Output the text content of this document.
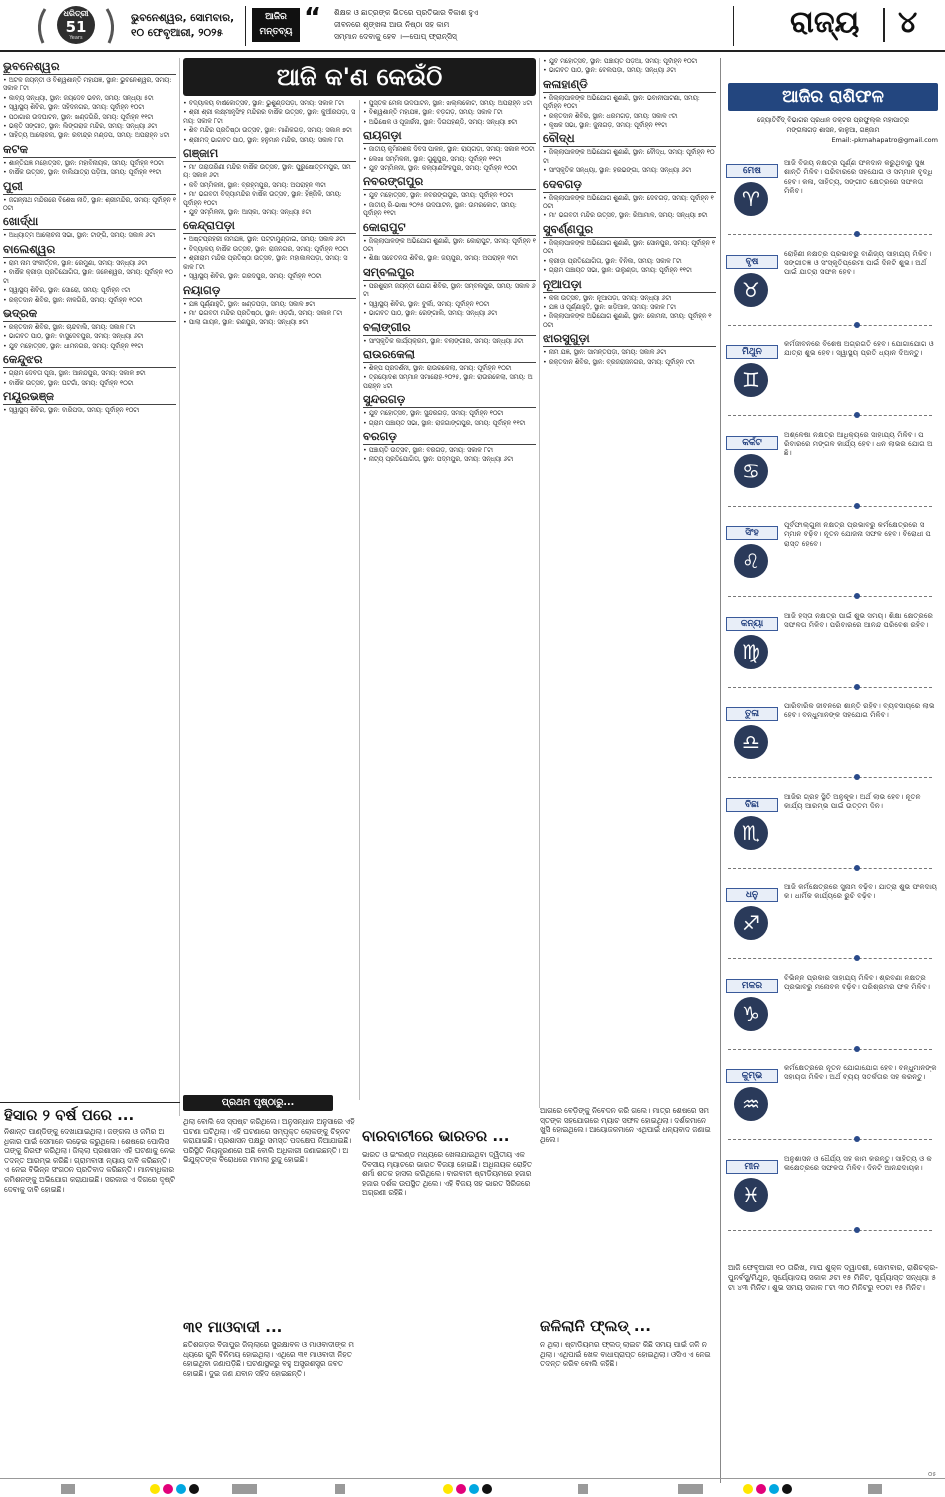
ଧରିତ୍ରୀ
51
Years
ଭୁବନେଶ୍ୱର, ସୋମବାର,
୧୦ ଫେବୃଆରୀ, ୨୦୨୫
ଆଜିର
ମନ୍ତବ୍ୟ “ ଶିକ୍ଷକ ଓ ଛାତ୍ରଙ୍କ ଭିତରେ ପ୍ରତିଭାର ବିକାଶ ହୁଏ
ଜୀବନରେ ଶୃଙ୍ଖଳା ଆଉ ନିଷ୍ଠା ସହ କାମ
ସମ୍ମାନ ଦେବାକୁ ହେବ ।—ପୋପ୍ ଫ୍ରାନ୍ସିସ୍	ରାଜ୍ୟ ୪
ଆଜି କ'ଣ କେଉଁଠି
ଭୁବନେଶ୍ୱର
• ଅଟଳ ଜୟନ୍ତୀ ଓ ବିଶ୍ୱଶାନ୍ତି ମହାଯଜ୍ଞ, ସ୍ଥାନ: ଭୁବନେଶ୍ୱର, ସମୟ: ସକାଳ ୮ଟା
• କାବ୍ୟ ସନ୍ଧ୍ୟା, ସ୍ଥାନ: ଜୟଦେବ ଭବନ, ସମୟ: ସନ୍ଧ୍ୟା ୫ଟା
• ସ୍ୱାସ୍ଥ୍ୟ ଶିବିର, ସ୍ଥାନ: ସହିଦନଗର, ସମୟ: ପୂର୍ବାହ୍ନ ୧୦ଟା
• ପଠାଗାର ଉଦଘାଟନ, ସ୍ଥାନ: ଖଣ୍ଡଗିରି, ସମୟ: ପୂର୍ବାହ୍ନ ୧୧ଟା
• ଭକ୍ତି ସଙ୍ଗୀତ, ସ୍ଥାନ: ଲିଙ୍ଗରାଜ ମନ୍ଦିର, ସମୟ: ସନ୍ଧ୍ୟା ୬ଟା
• ସାହିତ୍ୟ ଆଲୋଚନା, ସ୍ଥାନ: ରବୀନ୍ଦ୍ର ମଣ୍ଡପ, ସମୟ: ଅପରାହ୍ନ ୪ଟା
କଟକ
• ଶାନ୍ତିଯଜ୍ଞ ମହୋତ୍ସବ, ସ୍ଥାନ: ମହାବିନାୟକ, ସମୟ: ପୂର୍ବାହ୍ନ ୧୦ଟା
• ବାର୍ଷିକ ଉତ୍ସବ, ସ୍ଥାନ: ବାଲିଯାତ୍ରା ପଡ଼ିଆ, ସମୟ: ପୂର୍ବାହ୍ନ ୧୧ଟା
ପୁରୀ
• ଜଗନ୍ନାଥ ମନ୍ଦିରରେ ବିଶେଷ ନୀତି, ସ୍ଥାନ: ଶ୍ରୀମନ୍ଦିର, ସମୟ: ପୂର୍ବାହ୍ନ ୧୦ଟା
ଖୋର୍ଦ୍ଧା
• ଅଧ୍ୟାତ୍ମ ଆଲୋଚନା ସଭା, ସ୍ଥାନ: ଟାଙ୍ଗି, ସମୟ: ସକାଳ ୬ଟା
ବାଲେଶ୍ୱର
• ରାମ ନାମ ସଂକୀର୍ତ୍ତନ, ସ୍ଥାନ: ରେମୁଣା, ସମୟ: ସନ୍ଧ୍ୟା ୬ଟା
• ବାର୍ଷିକ କ୍ରୀଡ଼ା ପ୍ରତିଯୋଗିତା, ସ୍ଥାନ: ଜଳେଶ୍ୱର, ସମୟ: ପୂର୍ବାହ୍ନ ୧୦ଟା
• ସ୍ୱାସ୍ଥ୍ୟ ଶିବିର, ସ୍ଥାନ: ସୋରୋ, ସମୟ: ପୂର୍ବାହ୍ନ ୯ଟା
• ରକ୍ତଦାନ ଶିବିର, ସ୍ଥାନ: ନୀଳଗିରି, ସମୟ: ପୂର୍ବାହ୍ନ ୧୦ଟା
ଭଦ୍ରକ
• ରକ୍ତଦାନ ଶିବିର, ସ୍ଥାନ: ଚାନ୍ଦବାଲି, ସମୟ: ସକାଳ ୮ଟା
• ଭାଗବତ ପାଠ, ସ୍ଥାନ: ବାସୁଦେବପୁର, ସମୟ: ସନ୍ଧ୍ୟା ୬ଟା
• ଯୁବ ମହୋତ୍ସବ, ସ୍ଥାନ: ଧାମନଗର, ସମୟ: ପୂର୍ବାହ୍ନ ୧୧ଟା
କେନ୍ଦୁଝର
• ଗ୍ରାମ ଦେବତା ପୂଜା, ସ୍ଥାନ: ଆନନ୍ଦପୁର, ସମୟ: ସକାଳ ୭ଟା
• ବାର୍ଷିକ ଉତ୍ସବ, ସ୍ଥାନ: ଘଟଗାଁ, ସମୟ: ପୂର୍ବାହ୍ନ ୧୦ଟା
ମୟୂରଭଞ୍ଜ
• ସ୍ୱାସ୍ଥ୍ୟ ଶିବିର, ସ୍ଥାନ: ବାରିପଦା, ସମୟ: ପୂର୍ବାହ୍ନ ୧୦ଟା
• ବିଦ୍ୟାଳୟ ବାର୍ଷିକୋତ୍ସବ, ସ୍ଥାନ: ଭୁଶୁଣ୍ଡିପଡ଼ା, ସମୟ: ସକାଳ ୮ଟା
• ଶ୍ରୀ ଶ୍ରୀ ଲକ୍ଷ୍ମୀନୃସିଂହ ମନ୍ଦିରର ବାର୍ଷିକ ଉତ୍ସବ, ସ୍ଥାନ: କୁଆଁରପଡ଼ା, ସମୟ: ସକାଳ ୮ଟା
• ଶିବ ମନ୍ଦିର ପ୍ରତିଷ୍ଠା ଉତ୍ସବ, ସ୍ଥାନ: ମାଣିକଗଡ଼, ସମୟ: ସକାଳ ୭ଟା
• ଶ୍ରୀମଦ୍ ଭାଗବତ ପାଠ, ସ୍ଥାନ: ହନୁମାନ ମନ୍ଦିର, ସମୟ: ସକାଳ ୮ଟା
ଗଞ୍ଜାମ
• ମା' ତାରାତାରିଣୀ ମନ୍ଦିର ବାର୍ଷିକ ଉତ୍ସବ, ସ୍ଥାନ: ପୁରୁଷୋତ୍ତମପୁର, ସମୟ: ସକାଳ ୬ଟା
• କବି ସମ୍ମିଳନୀ, ସ୍ଥାନ: ବ୍ରହ୍ମପୁର, ସମୟ: ଅପରାହ୍ନ ୩ଟା
• ମା' ଭଗବତୀ ବିଦ୍ୟାମନ୍ଦିର ବାର୍ଷିକ ଉତ୍ସବ, ସ୍ଥାନ: ହିଞ୍ଜିଳି, ସମୟ: ପୂର୍ବାହ୍ନ ୧୦ଟା
• ଯୁବ ସମ୍ମିଳନୀ, ସ୍ଥାନ: ଆସ୍କା, ସମୟ: ସନ୍ଧ୍ୟା ୫ଟା
କେନ୍ଦ୍ରାପଡ଼ା
• ଅଷ୍ଟପ୍ରହରୀ ନାମଯଜ୍ଞ, ସ୍ଥାନ: ପଟ୍ଟାମୁଣ୍ଡାଇ, ସମୟ: ସକାଳ ୬ଟା
• ବିଦ୍ୟାଳୟ ବାର୍ଷିକ ଉତ୍ସବ, ସ୍ଥାନ: ରାଜନଗର, ସମୟ: ପୂର୍ବାହ୍ନ ୧୦ଟା
• ଶ୍ରୀରାମ ମନ୍ଦିର ପ୍ରତିଷ୍ଠା ଉତ୍ସବ, ସ୍ଥାନ: ମହାକାଳପଡ଼ା, ସମୟ: ସକାଳ ୮ଟା
• ସ୍ୱାସ୍ଥ୍ୟ ଶିବିର, ସ୍ଥାନ: ଗରଦପୁର, ସମୟ: ପୂର୍ବାହ୍ନ ୧୦ଟା
ନୟାଗଡ଼
• ଯଜ୍ଞ ପୂର୍ଣ୍ଣାହୁତି, ସ୍ଥାନ: ଖଣ୍ଡପଡ଼ା, ସମୟ: ସକାଳ ୭ଟା
• ମା' ଭଗବତୀ ମନ୍ଦିର ପ୍ରତିଷ୍ଠା, ସ୍ଥାନ: ଓଡ଼ଗାଁ, ସମୟ: ସକାଳ ୮ଟା
• ପାଲା ଗାୟନ, ସ୍ଥାନ: ରଣପୁର, ସମୟ: ସନ୍ଧ୍ୟା ୭ଟା
• ପୁସ୍ତକ ମେଳା ଉଦଘାଟନ, ସ୍ଥାନ: ଖଲ୍ଲିକୋଟ, ସମୟ: ଅପରାହ୍ନ ୪ଟା
• ବିଶ୍ୱଶାନ୍ତି ମହାଯଜ୍ଞ, ସ୍ଥାନ: ବଡ଼ଗଡ଼, ସମୟ: ସକାଳ ୮ଟା
• ଅଭିଷେକ ଓ ପୂଜାର୍ଚ୍ଚନା, ସ୍ଥାନ: ଦିଗପହଣ୍ଡି, ସମୟ: ସନ୍ଧ୍ୟା ୭ଟା
ରାୟଗଡ଼ା
• ଜାତୀୟ କୃମିନାଶକ ଦିବସ ପାଳନ, ସ୍ଥାନ: ରାୟଗଡ଼ା, ସମୟ: ସକାଳ ୧୦ଟା
• ଲେଖା ସମ୍ମିଳନୀ, ସ୍ଥାନ: ଗୁଣୁପୁର, ସମୟ: ପୂର୍ବାହ୍ନ ୧୧ଟା
• ଯୁବ ସମ୍ମିଳନୀ, ସ୍ଥାନ: କଳ୍ୟାଣସିଂହପୁର, ସମୟ: ପୂର୍ବାହ୍ନ ୧୦ଟା
ନବରଙ୍ଗପୁର
• ଯୁବ ମହୋତ୍ସବ, ସ୍ଥାନ: ନବରଙ୍ଗପୁର, ସମୟ: ପୂର୍ବାହ୍ନ ୧୦ଟା
• ଜାତୀୟ ରି-ଭାଷା ୨୦୨୫ ଉଦଘାଟନ, ସ୍ଥାନ: ଉମରକୋଟ, ସମୟ: ପୂର୍ବାହ୍ନ ୧୧ଟା
କୋରାପୁଟ
• ଜିଲ୍ଲାପାଳଙ୍କ ଅଭିଯୋଗ ଶୁଣାଣି, ସ୍ଥାନ: କୋରାପୁଟ, ସମୟ: ପୂର୍ବାହ୍ନ ୧୦ଟା
• ଶିକ୍ଷା ସଚେତନତା ଶିବିର, ସ୍ଥାନ: ଜୟପୁର, ସମୟ: ଅପରାହ୍ନ ୩ଟା
ସମ୍ବଲପୁର
• ପରଶୁରାମ ଜୟନ୍ତୀ ଯୋଗ ଶିବିର, ସ୍ଥାନ: ସମ୍ବଲପୁର, ସମୟ: ସକାଳ ୬ଟା
• ସ୍ୱାସ୍ଥ୍ୟ ଶିବିର, ସ୍ଥାନ: ବୁର୍ଲା, ସମୟ: ପୂର୍ବାହ୍ନ ୧୦ଟା
• ଭାଗବତ ପାଠ, ସ୍ଥାନ: ରେଙ୍ଗାଲି, ସମୟ: ସନ୍ଧ୍ୟା ୬ଟା
ବଲାଙ୍ଗୀର
• ସାଂସ୍କୃତିକ କାର୍ଯ୍ୟକ୍ରମ, ସ୍ଥାନ: ବଲାଙ୍ଗୀର, ସମୟ: ସନ୍ଧ୍ୟା ୬ଟା
ରାଉରକେଲା
• ଶିଳ୍ପ ପ୍ରଦର୍ଶନୀ, ସ୍ଥାନ: ରାଉରକେଲା, ସମୟ: ପୂର୍ବାହ୍ନ ୧୦ଟା
• ତ୍ରୟୋଦଶ ସମ୍ମାନ ସମାରୋହ-୨୦୨୫, ସ୍ଥାନ: ରାଉରକେଲା, ସମୟ: ଅପରାହ୍ନ ୪ଟା
ସୁନ୍ଦରଗଡ଼
• ଯୁବ ମହୋତ୍ସବ, ସ୍ଥାନ: ସୁନ୍ଦରଗଡ଼, ସମୟ: ପୂର୍ବାହ୍ନ ୧୦ଟା
• ଗ୍ରାମ ପଞ୍ଚାୟତ ସଭା, ସ୍ଥାନ: ରାଜଗାଙ୍ଗପୁର, ସମୟ: ପୂର୍ବାହ୍ନ ୧୧ଟା
ବରଗଡ଼
• ପଞ୍ଚାୟତି ଉତ୍ସବ, ସ୍ଥାନ: ବରଗଡ଼, ସମୟ: ସକାଳ ୮ଟା
• ନାଟ୍ୟ ପ୍ରତିଯୋଗିତା, ସ୍ଥାନ: ପଦ୍ମପୁର, ସମୟ: ସନ୍ଧ୍ୟା ୬ଟା
• ଯୁବ ମହୋତ୍ସବ, ସ୍ଥାନ: ପଞ୍ଚାୟତ ପଡ଼ିଆ, ସମୟ: ପୂର୍ବାହ୍ନ ୧୦ଟା
• ଭାଗବତ ପାଠ, ସ୍ଥାନ: ବେଲପଡ଼ା, ସମୟ: ସନ୍ଧ୍ୟା ୬ଟା
କଳାହାଣ୍ଡି
• ଜିଲ୍ଲାପାଳଙ୍କ ଅଭିଯୋଗ ଶୁଣାଣି, ସ୍ଥାନ: ଭବାନୀପାଟଣା, ସମୟ: ପୂର୍ବାହ୍ନ ୧୦ଟା
• ରକ୍ତଦାନ ଶିବିର, ସ୍ଥାନ: ଧରମଗଡ଼, ସମୟ: ସକାଳ ୯ଟା
• କୃଷକ ସଭା, ସ୍ଥାନ: ଜୁନାଗଡ଼, ସମୟ: ପୂର୍ବାହ୍ନ ୧୧ଟା
ବୌଦ୍ଧ
• ଜିଲ୍ଲାପାଳଙ୍କ ଅଭିଯୋଗ ଶୁଣାଣି, ସ୍ଥାନ: ବୌଦ୍ଧ, ସମୟ: ପୂର୍ବାହ୍ନ ୧୦ଟା
• ସାଂସ୍କୃତିକ ସନ୍ଧ୍ୟା, ସ୍ଥାନ: ହରଭଙ୍ଗା, ସମୟ: ସନ୍ଧ୍ୟା ୬ଟା
ଦେବଗଡ଼
• ଜିଲ୍ଲାପାଳଙ୍କ ଅଭିଯୋଗ ଶୁଣାଣି, ସ୍ଥାନ: ଦେବଗଡ଼, ସମୟ: ପୂର୍ବାହ୍ନ ୧୦ଟା
• ମା' ଭଗବତୀ ମନ୍ଦିର ଉତ୍ସବ, ସ୍ଥାନ: ରିଆମାଳ, ସମୟ: ସନ୍ଧ୍ୟା ୭ଟା
ସୁବର୍ଣ୍ଣପୁର
• ଜିଲ୍ଲାପାଳଙ୍କ ଅଭିଯୋଗ ଶୁଣାଣି, ସ୍ଥାନ: ସୋନପୁର, ସମୟ: ପୂର୍ବାହ୍ନ ୧୦ଟା
• କ୍ରୀଡ଼ା ପ୍ରତିଯୋଗିତା, ସ୍ଥାନ: ବିନିକା, ସମୟ: ସକାଳ ୮ଟା
• ଗ୍ରାମ ପଞ୍ଚାୟତ ସଭା, ସ୍ଥାନ: ଉଲୁଣ୍ଡା, ସମୟ: ପୂର୍ବାହ୍ନ ୧୧ଟା
ନୂଆପଡ଼ା
• କଳା ଉତ୍ସବ, ସ୍ଥାନ: ନୂଆପଡ଼ା, ସମୟ: ସନ୍ଧ୍ୟା ୬ଟା
• ଯଜ୍ଞ ଓ ପୂର୍ଣ୍ଣାହୁତି, ସ୍ଥାନ: ଖଡ଼ିଆଳ, ସମୟ: ସକାଳ ୮ଟା
• ଜିଲ୍ଲାପାଳଙ୍କ ଅଭିଯୋଗ ଶୁଣାଣି, ସ୍ଥାନ: କୋମନା, ସମୟ: ପୂର୍ବାହ୍ନ ୧୦ଟା
ଝାରସୁଗୁଡ଼ା
• ନାମ ଯଜ୍ଞ, ସ୍ଥାନ: ସାମନ୍ତପଡ଼ା, ସମୟ: ସକାଳ ୬ଟା
• ରକ୍ତଦାନ ଶିବିର, ସ୍ଥାନ: ବ୍ରଜରାଜନଗର, ସମୟ: ପୂର୍ବାହ୍ନ ୯ଟା
ଆଜିର ରାଶିଫଳ
ଜ୍ୟୋତିର୍ବିଦ୍ ବିଭାଗର ପ୍ରଧାନ ଡକ୍ଟର ପ୍ରଫୁଲ୍ଲ ମହାପାତ୍ର
ମଙ୍ଗଳାଗଡ଼ ଶାସନ, କାଳୁଆ, ଗଞ୍ଜାମ
Email:-pkmahapatro@gmail.com
ମେଷ
♈
ଆଜି ବିଜୟ ନକ୍ଷତ୍ର ପୂର୍ଣ୍ଣ ଫଳଦାନ କରୁଥିବାରୁ ସୁଖ ଶାନ୍ତି ମିଳିବ। ପରିବାରରେ ସହଯୋଗ ଓ ସମ୍ମାନ ବୃଦ୍ଧି ହେବ। କଳା, ସାହିତ୍ୟ, ସଙ୍ଗୀତ କ୍ଷେତ୍ରରେ ସଫଳତା ମିଳିବ।
ବୃଷ
♉
ରୋହିଣୀ ନକ୍ଷତ୍ର ପ୍ରଭାବରୁ ବାଣିଜ୍ୟ ସାହାଯ୍ୟ ମିଳିବ। ସଙ୍ଗୀତଜ୍ଞ ଓ ସଂସ୍କୃତିପ୍ରେମୀ ପାଇଁ ଦିନଟି ଶୁଭ। ଅର୍ଥ ପାଇଁ ଯାତ୍ରା ସଫଳ ହେବ।
ମିଥୁନ
♊
କର୍ମଜୀବନରେ ବିଶେଷ ଅଗ୍ରଗତି ହେବ। ଯୋଗାଯୋଗ ଓ ଯାତ୍ରା ଶୁଭ ହେବ। ସ୍ୱାସ୍ଥ୍ୟ ପ୍ରତି ଧ୍ୟାନ ଦିଅନ୍ତୁ।
କର୍କଟ
♋
ଅଶ୍ଳେଷା ନକ୍ଷତ୍ର ଆଧିକ୍ୟରେ ସାହାଯ୍ୟ ମିଳିବ। ପରିବାରରେ ମଙ୍ଗଳ କାର୍ଯ୍ୟ ହେବ। ଧନ ଲାଭର ଯୋଗ ଅଛି।
ସିଂହ
♌
ପୂର୍ବଫାଲ୍ଗୁନୀ ନକ୍ଷତ୍ର ପ୍ରଭାବରୁ କର୍ମକ୍ଷେତ୍ରରେ ସମ୍ମାନ ବଢ଼ିବ। ନୂତନ ଯୋଜନା ସଫଳ ହେବ। ବିରୋଧୀ ପରାସ୍ତ ହେବେ।
କନ୍ୟା
♍
ଆଜି ହସ୍ତା ନକ୍ଷତ୍ର ପାଇଁ ଶୁଭ ସମୟ। ଶିକ୍ଷା କ୍ଷେତ୍ରରେ ସଫଳତା ମିଳିବ। ପରିବାରରେ ଆନନ୍ଦ ପରିବେଶ ରହିବ।
ତୁଳା
♎
ପାରିବାରିକ ଜୀବନରେ ଶାନ୍ତି ରହିବ। ବ୍ୟବସାୟରେ ଲାଭ ହେବ। ବନ୍ଧୁମାନଙ୍କ ସହଯୋଗ ମିଳିବ।
ବିଛା
♏
ଆଜିର ଗ୍ରହ ସ୍ଥିତି ଅନୁକୂଳ। ଅର୍ଥ ଲାଭ ହେବ। ନୂତନ କାର୍ଯ୍ୟ ଆରମ୍ଭ ପାଇଁ ଉତ୍ତମ ଦିନ।
ଧନୁ
♐
ଆଜି କର୍ମକ୍ଷେତ୍ରରେ ସୁନାମ ବଢ଼ିବ। ଯାତ୍ରା ଶୁଭ ଫଳଦାୟକ। ଧାର୍ମିକ କାର୍ଯ୍ୟରେ ରୁଚି ବଢ଼ିବ।
ମକର
♑
ବିଭିନ୍ନ ପ୍ରକାର ସାହାଯ୍ୟ ମିଳିବ। ଶ୍ରବଣା ନକ୍ଷତ୍ର ପ୍ରଭାବରୁ ମନୋବଳ ବଢ଼ିବ। ପରିଶ୍ରମର ଫଳ ମିଳିବ।
କୁମ୍ଭ
♒
କର୍ମକ୍ଷେତ୍ରରେ ନୂତନ ଯୋଗାଯୋଗ ହେବ। ବନ୍ଧୁମାନଙ୍କ ସହାୟତା ମିଳିବ। ଅର୍ଥ ବ୍ୟୟ ସତର୍କତାର ସହ କରନ୍ତୁ।
ମୀନ
♓
ଅନୁଶାସନ ଓ ଧୈର୍ଯ୍ୟ ସହ କାମ କରନ୍ତୁ। ସାହିତ୍ୟ ଓ କଳାକ୍ଷେତ୍ରରେ ସଫଳତା ମିଳିବ। ଦିନଟି ଆନନ୍ଦଦାୟକ।
ଆଜି ଫେବୃଆରୀ ୧୦ ତାରିଖ, ମାଘ ଶୁକ୍ଳ ଦ୍ୱାଦଶୀ, ସୋମବାର, ରାଶିଚକ୍ର-ପୁନର୍ବସୁ/ମିଥୁନ, ସୂର୍ଯ୍ୟୋଦୟ ସକାଳ ୬ଟା ୧୫ ମିନିଟ, ସୂର୍ଯ୍ୟାସ୍ତ ସନ୍ଧ୍ୟା ୫ଟା ୪୩ ମିନିଟ। ଶୁଭ ସମୟ ସକାଳ ୮ଟା ୩୦ ମିନିଟରୁ ୧୦ଟା ୧୫ ମିନିଟ।
ହିସାର ୨ ବର୍ଷ ପରେ ...
ନିଶାନ୍ତ ପାଣ୍ଡିଙ୍କୁ ଦେଖାଯାଇଥିଲା। ଜଙ୍ଗଲ ଓ ଜମିର ଅଧିକାର ପାଇଁ ସେମାନେ ଲଢ଼େଇ କରୁଥିଲେ। ଶେଷରେ ପୋଲିସ ତାଙ୍କୁ ଗିରଫ କରିଥିଲା। ଜିଲ୍ଲା ପ୍ରଶାସନ ଏହି ଘଟଣାକୁ ନେଇ ତଦନ୍ତ ଆରମ୍ଭ କରିଛି। ଗ୍ରାମବାସୀ ନ୍ୟାୟ ଦାବି କରିଛନ୍ତି। ଏ ନେଇ ବିଭିନ୍ନ ସଂଗଠନ ପ୍ରତିବାଦ କରିଛନ୍ତି। ମାନବାଧିକାର କମିଶନଙ୍କୁ ଅଭିଯୋଗ କରାଯାଇଛି। ସରକାର ଏ ଦିଗରେ ଦୃଷ୍ଟି ଦେବାକୁ ଦାବି ହୋଇଛି।
ପ୍ରଥମ ପୃଷ୍ଠାରୁ...
ଥିଲା ବୋଲି ସେ ସ୍ପଷ୍ଟ କରିଥିଲେ। ଅନୁସନ୍ଧାନ ଅନୁସାରେ ଏହି ଘଟଣା ଘଟିଥିଲା। ଏହି ଘଟଣାରେ ସମ୍ପୃକ୍ତ ଲୋକଙ୍କୁ ଚିହ୍ନଟ କରାଯାଇଛି। ପ୍ରଶାସନ ପକ୍ଷରୁ ସମସ୍ତ ପଦକ୍ଷେପ ନିଆଯାଇଛି। ପରିସ୍ଥିତି ନିୟନ୍ତ୍ରଣରେ ଅଛି ବୋଲି ଅଧିକାରୀ ଜଣାଇଛନ୍ତି। ଅଭିଯୁକ୍ତଙ୍କ ବିରୋଧରେ ମାମଲା ରୁଜୁ ହୋଇଛି।
୩୧ ମାଓବାଦୀ ...
ଛତିଶଗଡ଼ର ବିଜାପୁର ଜିଲ୍ଲାରେ ସୁରକ୍ଷାବଳ ଓ ମାଓବାଦୀଙ୍କ ମଧ୍ୟରେ ଗୁଳି ବିନିମୟ ହୋଇଥିଲା। ଏଥିରେ ୩୧ ମାଓବାଦୀ ନିହତ ହୋଇଥିବା ଜଣାପଡ଼ିଛି। ଘଟଣାସ୍ଥଳରୁ ବହୁ ଅସ୍ତ୍ରଶସ୍ତ୍ର ଜବତ ହୋଇଛି। ଦୁଇ ଜଣ ଯବାନ ସହିଦ ହୋଇଛନ୍ତି।
ବାରବାଟୀରେ ଭାରତର ...
ଭାରତ ଓ ଇଂଲଣ୍ଡ ମଧ୍ୟରେ ଖେଳାଯାଇଥିବା ଦ୍ୱିତୀୟ ଏକଦିବସୀୟ ମ୍ୟାଚରେ ଭାରତ ବିଜୟୀ ହୋଇଛି। ଅଧିନାୟକ ରୋହିତ ଶର୍ମା ଶତକ ହାସଲ କରିଥିଲେ। ବାରବାଟୀ ଷ୍ଟାଡିୟମରେ ହଜାର ହଜାର ଦର୍ଶକ ଉପସ୍ଥିତ ଥିଲେ। ଏହି ବିଜୟ ସହ ଭାରତ ସିରିଜରେ ଅଗ୍ରଣୀ ରହିଛି।
ଆଗରେ ବେଡ଼ିଙ୍କୁ ନିବେଦନ କରି ଗଲେ। ମାତ୍ର ଶେଷରେ ସମସ୍ତଙ୍କ ସହଯୋଗରେ ମ୍ୟାଚ ସଫଳ ହୋଇଥିଲା। ଦର୍ଶକମାନେ ଖୁସି ହୋଇଥିଲେ। ଆୟୋଜକମାନେ ଏଥିପାଇଁ ଧନ୍ୟବାଦ ଜଣାଇଥିଲେ।
ଜଳିଲାନି ଫ୍ଲଡ୍ ...
ନ ଥିଲା। ଷ୍ଟାଡିୟମର ଫ୍ଲଡ୍ ଲାଇଟ କିଛି ସମୟ ପାଇଁ ଜଳି ନଥିଲା। ଏଥିପାଇଁ ଖେଳ ବାଧାପ୍ରାପ୍ତ ହୋଇଥିଲା। ଓସିଏ ଏ ନେଇ ତଦନ୍ତ କରିବ ବୋଲି କହିଛି।
୦୫
